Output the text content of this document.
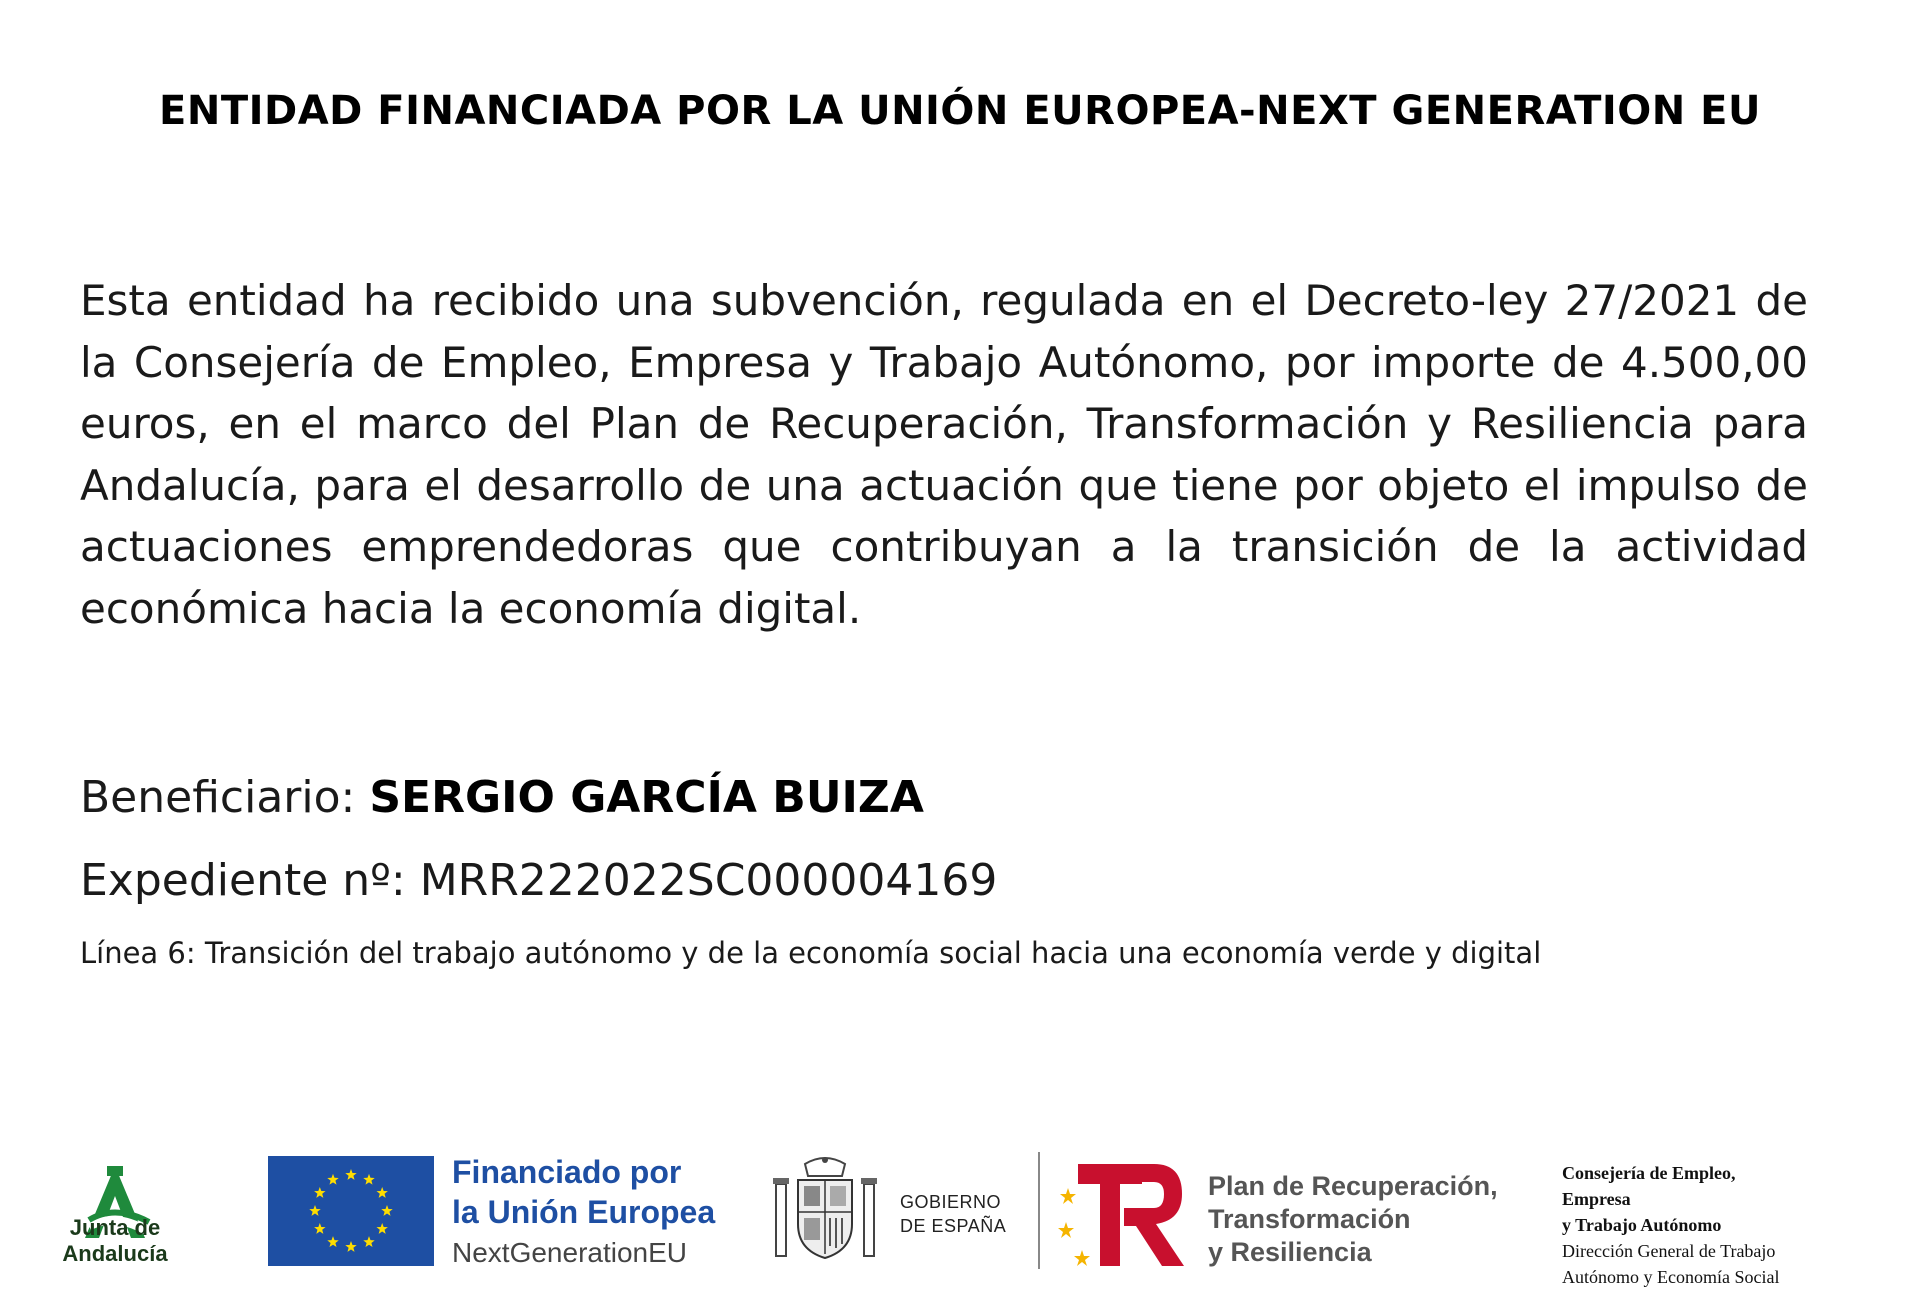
ENTIDAD FINANCIADA POR LA UNIÓN EUROPEA-NEXT GENERATION EU
Esta entidad ha recibido una subvención, regulada en el Decreto-ley 27/2021 de la Consejería de Empleo, Empresa y Trabajo Autónomo, por importe de 4.500,00 euros, en el marco del Plan de Recuperación, Transformación y Resiliencia para Andalucía, para el desarrollo de una actuación que tiene por objeto el impulso de actuaciones emprendedoras que contribuyan a la transición de la actividad económica hacia la economía digital.
Beneficiario: SERGIO GARCÍA BUIZA
Expediente nº: MRR222022SC000004169
Línea 6: Transición del trabajo autónomo y de la economía social hacia una economía verde y digital
Junta de Andalucía
Financiado por
la Unión Europea
NextGenerationEU
GOBIERNO
DE ESPAÑA
Plan de Recuperación,
Transformación
y Resiliencia
Consejería de Empleo,
Empresa
y Trabajo Autónomo
Dirección General de Trabajo
Autónomo y Economía Social
